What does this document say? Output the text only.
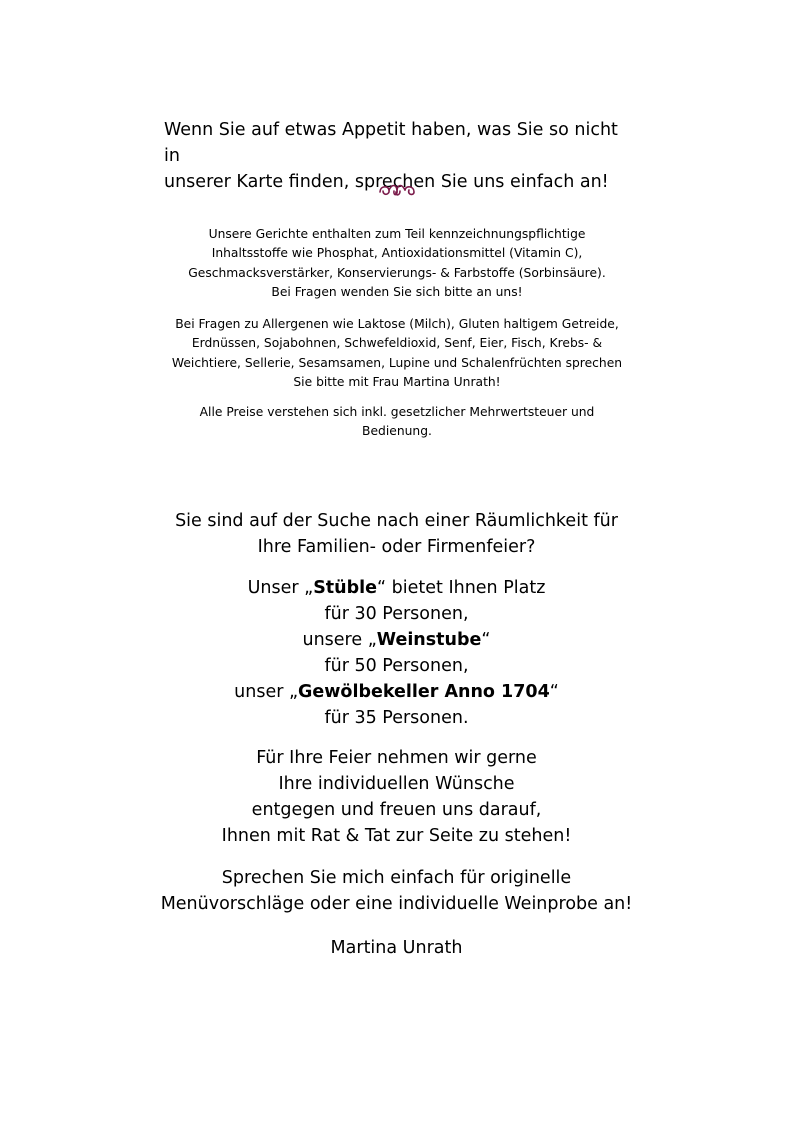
Wenn Sie auf etwas Appetit haben, was Sie so nicht in
unserer Karte finden, sprechen Sie uns einfach an!

Unsere Gerichte enthalten zum Teil kennzeichnungspflichtige
Inhaltsstoffe wie Phosphat, Antioxidationsmittel (Vitamin C),
Geschmacksverstärker, Konservierungs- & Farbstoffe (Sorbinsäure).
Bei Fragen wenden Sie sich bitte an uns!

Bei Fragen zu Allergenen wie Laktose (Milch), Gluten haltigem Getreide,
Erdnüssen, Sojabohnen, Schwefeldioxid, Senf, Eier, Fisch, Krebs- &
Weichtiere, Sellerie, Sesamsamen, Lupine und Schalenfrüchten sprechen
Sie bitte mit Frau Martina Unrath!

Alle Preise verstehen sich inkl. gesetzlicher Mehrwertsteuer und
Bedienung.

Sie sind auf der Suche nach einer Räumlichkeit für
Ihre Familien- oder Firmenfeier?

Unser „Stüble“ bietet Ihnen Platz
für 30 Personen,
unsere „Weinstube“
für 50 Personen,
unser „Gewölbekeller Anno 1704“
für 35 Personen.

Für Ihre Feier nehmen wir gerne
Ihre individuellen Wünsche
entgegen und freuen uns darauf,
Ihnen mit Rat & Tat zur Seite zu stehen!

Sprechen Sie mich einfach für originelle
Menüvorschläge oder eine individuelle Weinprobe an!

Martina Unrath
